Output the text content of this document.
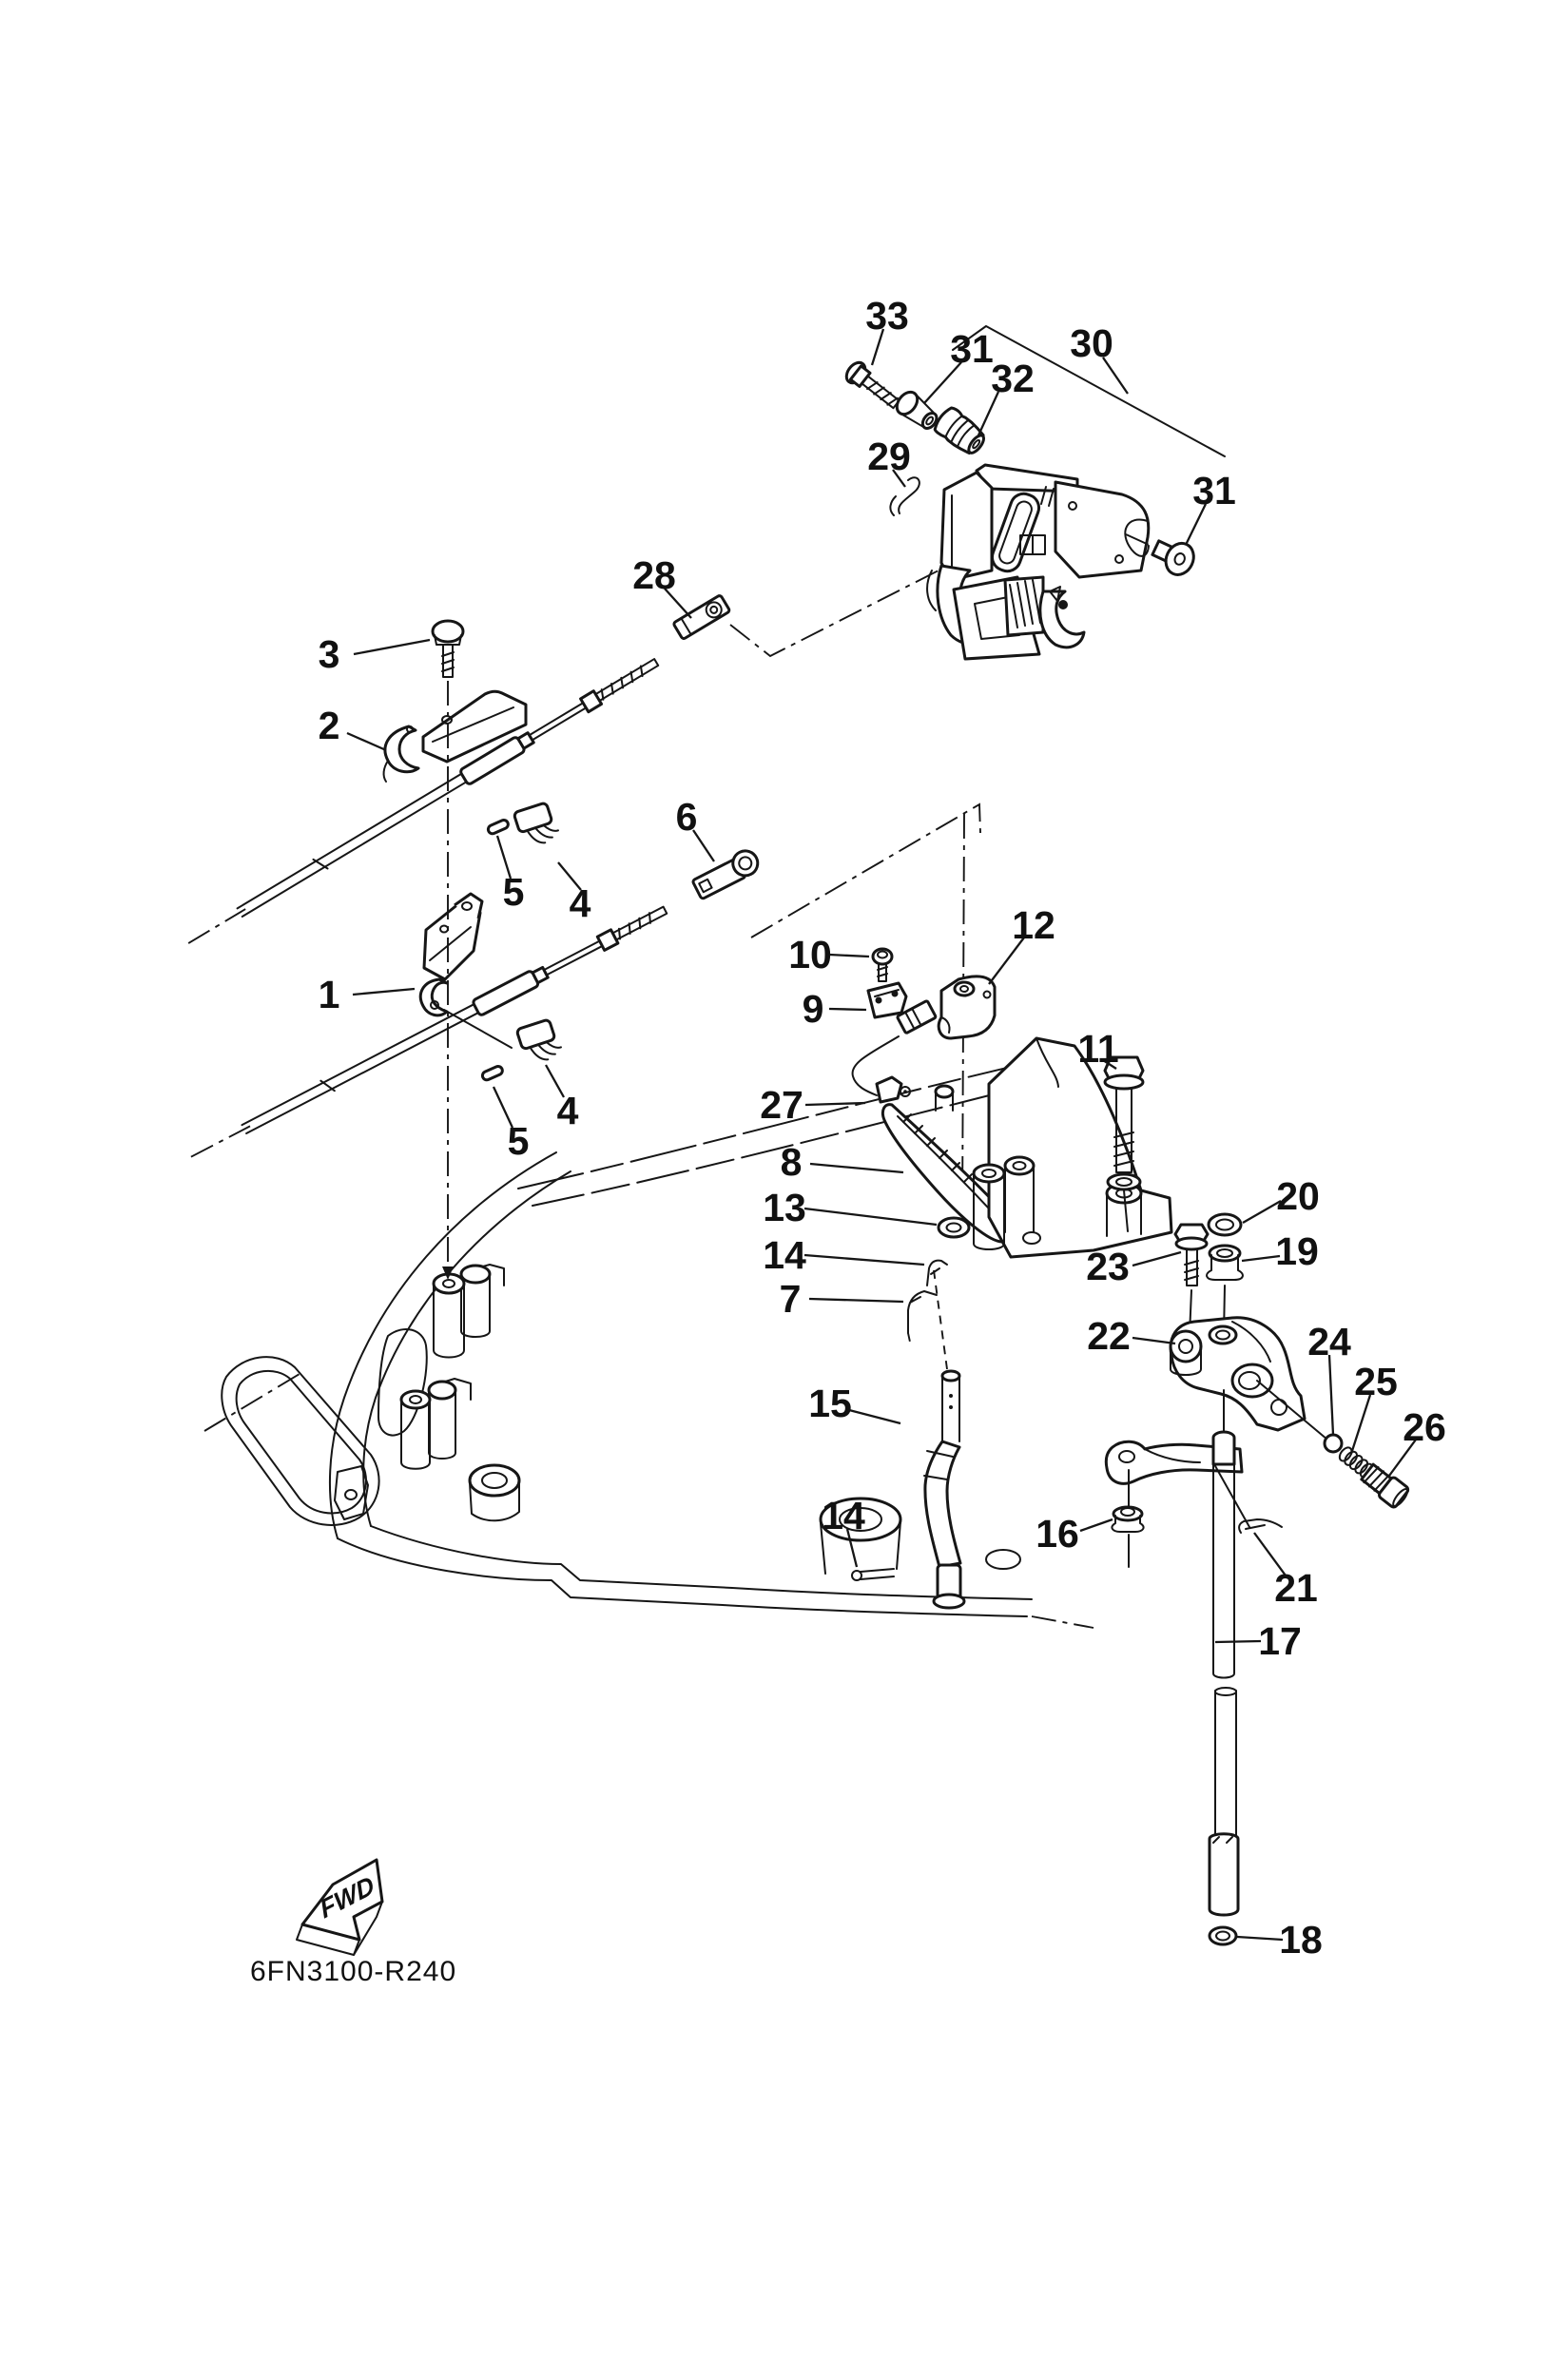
FWD
6FN3100-R240
33
31 30
32
29
31
28
3
2
5 4
6
10
12
9
1
11
27
4
5	8
13
14
7
23
20
19
22	24
25
26
15
16
14
21
17
18
